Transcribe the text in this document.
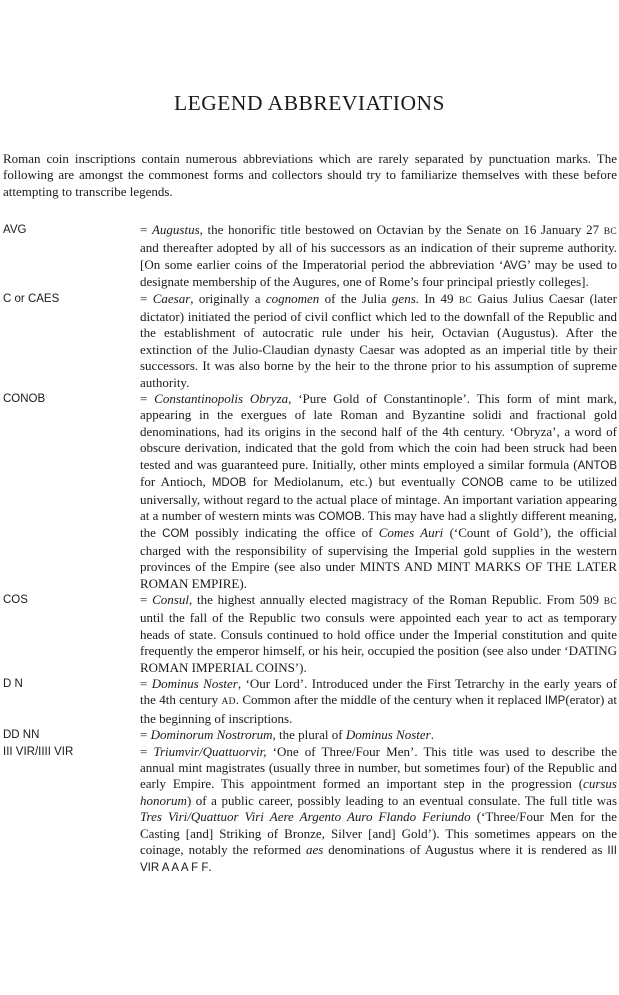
LEGEND ABBREVIATIONS

Roman coin inscriptions contain numerous abbreviations which are rarely separated by punctuation marks. The following are amongst the commonest forms and collectors should try to familiarize themselves with these before attempting to transcribe legends.

AVG	= Augustus, the honorific title bestowed on Octavian by the Senate on 16 January 27 BC and thereafter adopted by all of his successors as an indication of their supreme authority. [On some earlier coins of the Imperatorial period the abbreviation ‘AVG’ may be used to designate membership of the Augures, one of Rome’s four principal priestly colleges].
C or CAES	= Caesar, originally a cognomen of the Julia gens. In 49 BC Gaius Julius Caesar (later dictator) initiated the period of civil conflict which led to the downfall of the Republic and the establishment of autocratic rule under his heir, Octavian (Augustus). After the extinction of the Julio-Claudian dynasty Caesar was adopted as an imperial title by their successors. It was also borne by the heir to the throne prior to his assumption of supreme authority.
CONOB	= Constantinopolis Obryza, ‘Pure Gold of Constantinople’. This form of mint mark, appearing in the exergues of late Roman and Byzantine solidi and fractional gold denominations, had its origins in the second half of the 4th century. ‘Obryza’, a word of obscure derivation, indicated that the gold from which the coin had been struck had been tested and was guaranteed pure. Initially, other mints employed a similar formula (ANTOB for Antioch, MDOB for Mediolanum, etc.) but eventually CONOB came to be utilized universally, without regard to the actual place of mintage. An important variation appearing at a number of western mints was COMOB. This may have had a slightly different meaning, the COM possibly indicating the office of Comes Auri (‘Count of Gold’), the official charged with the responsibility of supervising the Imperial gold supplies in the western provinces of the Empire (see also under MINTS AND MINT MARKS OF THE LATER ROMAN EMPIRE).
COS	= Consul, the highest annually elected magistracy of the Roman Republic. From 509 BC until the fall of the Republic two consuls were appointed each year to act as temporary heads of state. Consuls continued to hold office under the Imperial constitution and quite frequently the emperor himself, or his heir, occupied the position (see also under ‘DATING ROMAN IMPERIAL COINS’).
D N	= Dominus Noster, ‘Our Lord’. Introduced under the First Tetrarchy in the early years of the 4th century AD. Common after the middle of the century when it replaced IMP(erator) at the beginning of inscriptions.
DD NN	= Dominorum Nostrorum, the plural of Dominus Noster.
III VIR/IIII VIR	= Triumvir/Quattuorvir, ‘One of Three/Four Men’. This title was used to describe the annual mint magistrates (usually three in number, but sometimes four) of the Republic and early Empire. This appointment formed an important step in the progression (cursus honorum) of a public career, possibly leading to an eventual consulate. The full title was Tres Viri/Quattuor Viri Aere Argento Auro Flando Feriundo (‘Three/Four Men for the Casting [and] Striking of Bronze, Silver [and] Gold’). This sometimes appears on the coinage, notably the reformed aes denominations of Augustus where it is rendered as III VIR A A A F F.
